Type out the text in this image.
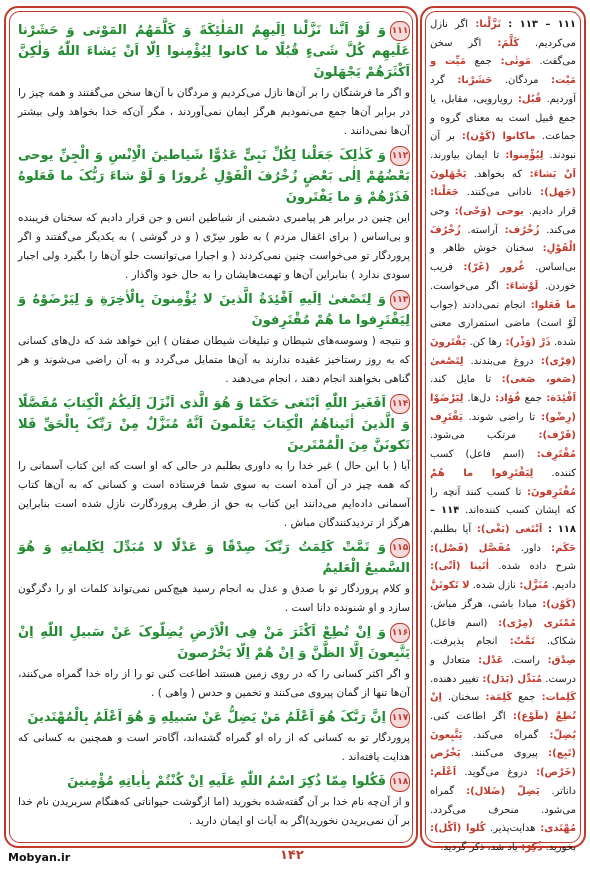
۱۱۱وَ لَوْ اَنَّنا نَزَّلْنا اِلَیهِمُ المَلٰئِکَةَ وَ کَلَّمَهُمُ المَوْتی وَ حَشَرْنا عَلَیهِم کُلَّ شَیءٍ قُبُلًا ما کانوا لِیُؤْمِنوا اِلّا اَنْ یَشاءَ اللّٰهُ وَلٰکِنَّ اَکْثَرَهُمْ یَجْهَلونَ
و اگر ما فرشتگان را بر آن‌ها نازل می‌کردیم و مردگان با آن‌ها سخن می‌گفتند و همه چیز را در برابر آن‌ها جمع می‌نمودیم هرگز ایمان نمی‌آوردند ، مگر آن‌که خدا بخواهد ولی بیشتر آن‌ها نمی‌دانند .
۱۱۲وَ کَذٰلِکَ جَعَلْنا لِکُلِّ نَبِیٍّ عَدُوًّا شَیاطینَ الْاِنْسِ وَ الْجِنِّ یوحی بَعْضُهُمْ اِلٰی بَعْضٍ زُخْرُفَ الْقَوْلِ غُرورًا وَ لَوْ شاءَ رَبُّکَ ما فَعَلوهُ فَذَرْهُمْ وَ ما یَفْتَرونَ
این چنین در برابر هر پیامبری دشمنی از شیاطین انس و جن قرار دادیم که سخنان فریبنده و بی‌اساس ( برای اغفال مردم ) به طور سِرّی ( و در گوشی ) به یکدیگر می‌گفتند و اگر پروردگار تو می‌خواست چنین نمی‌کردند ( و اجبارا می‌توانست جلو آن‌ها را بگیرد ولی اجبار سودی ندارد ) بنابراین آن‌ها و تهمت‌هایشان را به حال خود واگذار .
۱۱۳وَ لِتَصْغیٰ اِلَیهِ اَفْئِدَةُ الَّذینَ لا یُؤْمِنونَ بِالْاٰخِرَةِ وَ لِیَرْضَوْهُ وَ لِیَقْتَرِفوا ما هُمْ مُقْتَرِفونَ
و نتیجه ( وسوسه‌های شیطان و تبلیغات شیطان صفتان ) این خواهد شد که دل‌های کسانی که به روز رستاخیز عقیده ندارند به آن‌ها متمایل می‌گردد و به آن راضی می‌شوند و هر گناهی بخواهند انجام دهند ، انجام می‌دهند .
۱۱۴اَفَغَیرَ اللّٰهِ اَبْتَغی حَکَمًا وَ هُوَ الَّذی اَنْزَلَ اِلَیکُمُ الْکِتابَ مُفَصَّلًا وَ الَّذینَ اٰتَیناهُمُ الْکِتابَ یَعْلَمونَ اَنَّهُ مُنَزَّلٌ مِنْ رَبِّکَ بِالْحَقِّ فَلا تَکونَنَّ مِنَ الْمُمْتَرینَ
آیا ( با این حال ) غیر خدا را به داوری بطلبم در حالی که او است که این کتاب آسمانی را که همه چیز در آن آمده است به سوی شما فرستاده است و کسانی که به آن‌ها کتاب آسمانی داده‌ایم می‌دانند این کتاب به حق از طرف پروردگارت نازل شده است بنابراین هرگز از تردیدکنندگان مباش .
۱۱۵وَ تَمَّتْ کَلِمَتُ رَبِّکَ صِدْقًا وَ عَدْلًا لا مُبَدِّلَ لِکَلِماتِهِ وَ هُوَ السَّمیعُ الْعَلیمُ
و کلام پروردگار تو با صدق و عدل به انجام رسید هیچ‌کس نمی‌تواند کلمات او را دگرگون سازد و او شنونده دانا است .
۱۱۶وَ اِنْ تُطِعْ اَکْثَرَ مَنْ فِی الْاَرْضِ یُضِلّوکَ عَنْ سَبیلِ اللّٰهِ اِنْ یَتَّبِعونَ اِلَّا الظَّنَّ وَ اِنْ هُمْ اِلّا یَخْرُصونَ
و اگر اکثر کسانی را که در روی زمین هستند اطاعت کنی تو را از راه خدا گمراه می‌کنند، آن‌ها تنها از گمان پیروی می‌کنند و تخمین و حدس ( واهی ) .
۱۱۷اِنَّ رَبَّکَ هُوَ اَعْلَمُ مَنْ یَضِلُّ عَنْ سَبیلِهِ وَ هُوَ اَعْلَمُ بِالْمُهْتَدینَ
پروردگار تو به کسانی که از راه او گمراه گشته‌اند، آگاه‌تر است و همچنین به کسانی که هدایت یافته‌اند .
۱۱۸فَکُلوا مِمّا ذُکِرَ اسْمُ اللّٰهِ عَلَیهِ اِنْ کُنْتُمْ بِاٰیاتِهِ مُؤْمِنینَ
و از آن‌چه نام خدا بر آن گفته‌شده بخورید (اما ازگوشت حیواناتی که‌هنگام سربریدن نام خدا بر آن نمی‌بریدن نخورید)اگر به آیات او ایمان دارید .
۱۱۱ – ۱۱۳ : نَزَّلْنا: اگر نازل می‌کردیم. کَلَّمَ: اگر سخن می‌گفت. مَوتٰی: جمع مَیِّت و مَیْت: مردگان. حَشَرْنا: گرد آوردیم. قُبُل: رویارویی، مقابل، یا جمع قبیل است به معنای گروه و جماعت. ماکانوا (کَوْن): بر آن نبودند. لِیُؤْمِنوا: تا ایمان بیاورند. اَنْ یَشاءَ: که بخواهد. یَجْهَلونَ (جَهل): نادانی می‌کنند. جَعَلْنا: قرار دادیم. یوحی (وَحْی): وحی می‌کند. زُخْرُف: آراسته. زُخْرُفَ الْقَوْلِ: سخنان خوش ظاهر و بی‌اساس. غُرور (غَرّ): فریب خوردن. لَوْشاءَ: اگر می‌خواست. ما فَعَلوا: انجام نمی‌دادند (جواب لَوْ است) ماضی استمراری معنی شده. ذَرْ (وَذْر): رها کن. یَفْتَرونَ (فِرْی): دروغ می‌بندند. لِتَصْغیٰ (صَغو، صَغی): تا مایل کند. اَفْئِدَة: جمع فُؤاد: دل‌ها. لِیَرْضَوْا (رِضْو): تا راضی شوند. یَقْتَرِف (قَرْف): مرتکب می‌شود. مُقْتَرِف: (اسم فاعل) کسب کننده. لِیَقْتَرِفوا ما هُمْ مُقْتَرِفونَ: تا کسب کنند آنچه را که ایشان کسب کننده‌اند. ۱۱۴ – ۱۱۸ : اَبْتَغی (بَغْی): آیا بطلبم. حَکَم: داور. مُفَصَّل (فَصْل): شرح داده شده. اٰتَینا (اَتْی): دادیم. مُنَزَّل: نازل شده. لا تَکونَنَّ (کَوْن): مبادا باشی، هرگز مباش. مُمْتَری (مِرْی): (اسم فاعل) شکاک. تَمَّتْ: انجام پذیرفت. صِدْق: راست. عَدْل: متعادل و درست. مُبَدِّل (بَدَل): تغییر دهنده. کَلِمات: جمع کَلِمَة: سخنان. اِنْ تُطِعْ (طَوْع): اگر اطاعت کنی. یُضِلّ: گمراه می‌کند. یَتَّبِعونَ (تَبِع): پیروی می‌کنند. یَخْرُص (خَرْص): دروغ می‌گوید. اَعْلَم: داناتر. یَضِلّ (ضَلال): گمراه می‌شود. منحرف می‌گردد. مُهْتَدی: هدایت‌پذیر. کُلوا (اَکْل): بخورید. ذُکِرَ: یاد شد، ذکر گردید.
Mobyan.ir	۱۴۲
